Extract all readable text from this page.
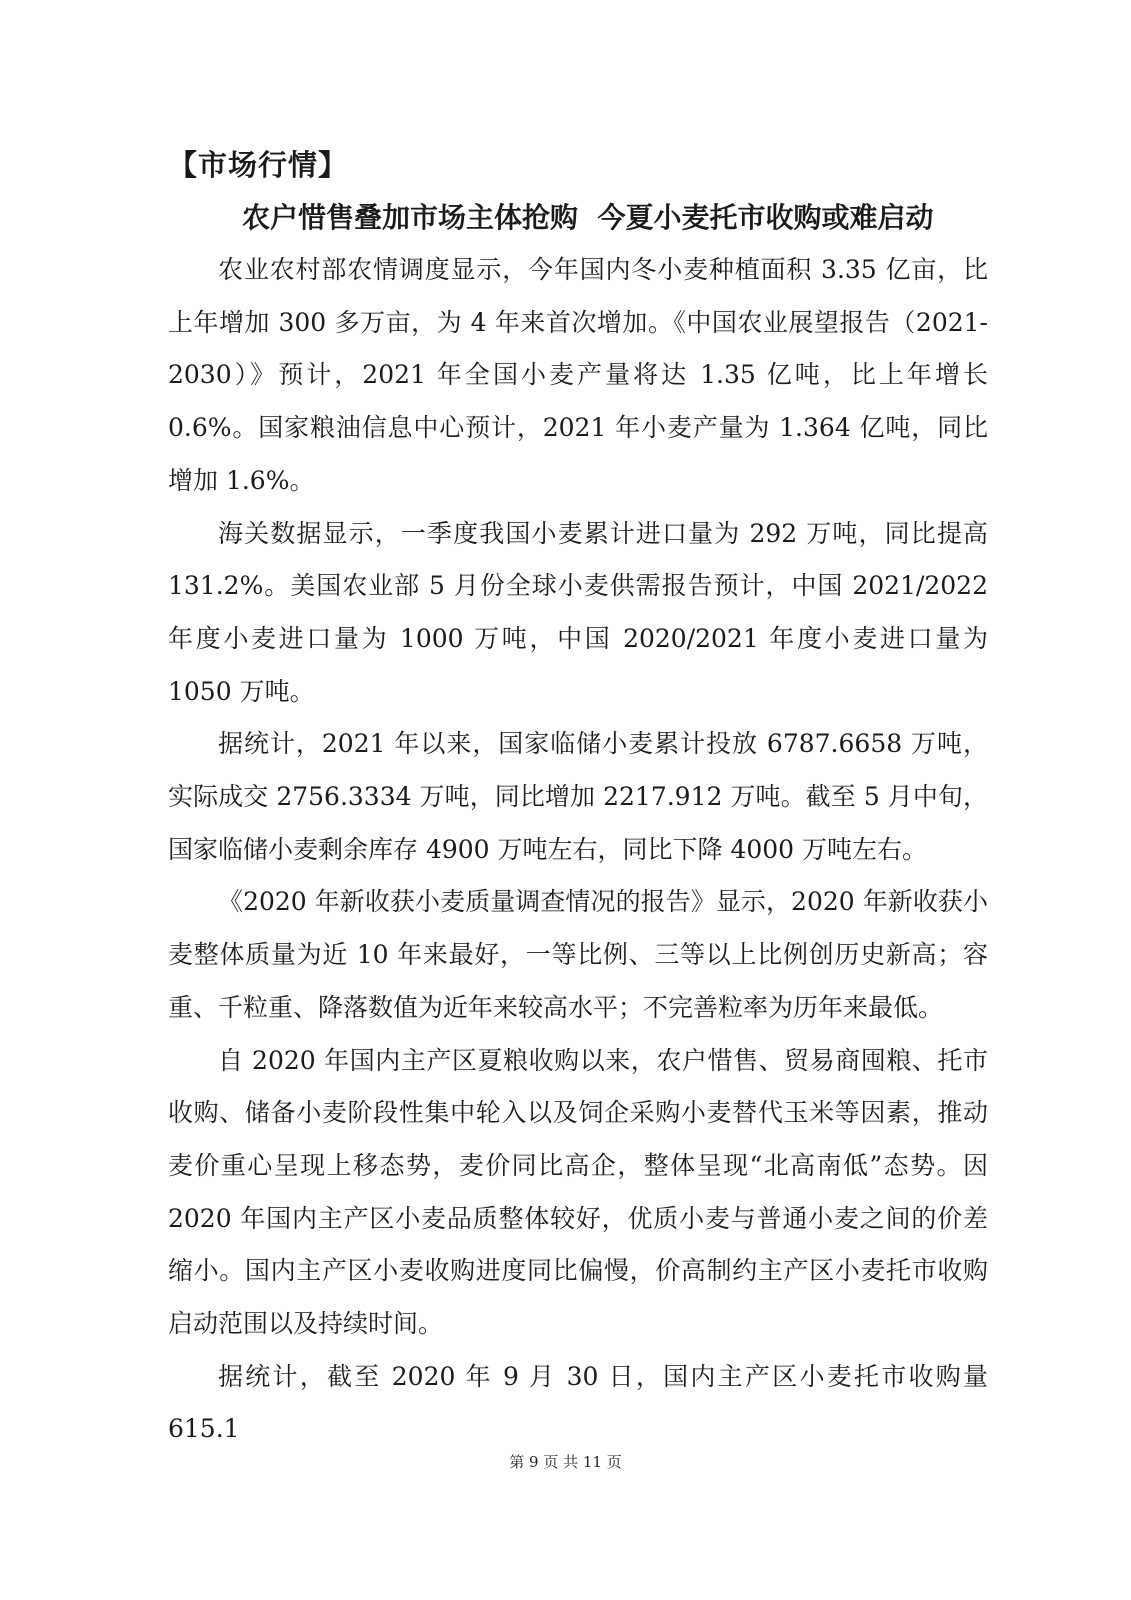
【市场行情】
农户惜售叠加市场主体抢购  今夏小麦托市收购或难启动

农业农村部农情调度显示，今年国内冬小麦种植面积 3.35 亿亩，比上年增加 300 多万亩，为 4 年来首次增加。《中国农业展望报告（2021-2030）》预计，2021 年全国小麦产量将达 1.35 亿吨，比上年增长 0.6%。国家粮油信息中心预计，2021 年小麦产量为 1.364 亿吨，同比增加 1.6%。

海关数据显示，一季度我国小麦累计进口量为 292 万吨，同比提高 131.2%。美国农业部 5 月份全球小麦供需报告预计，中国 2021/2022 年度小麦进口量为 1000 万吨，中国 2020/2021 年度小麦进口量为 1050 万吨。

据统计，2021 年以来，国家临储小麦累计投放 6787.6658 万吨，实际成交 2756.3334 万吨，同比增加 2217.912 万吨。截至 5 月中旬，国家临储小麦剩余库存 4900 万吨左右，同比下降 4000 万吨左右。

《2020 年新收获小麦质量调查情况的报告》显示，2020 年新收获小麦整体质量为近 10 年来最好，一等比例、三等以上比例创历史新高；容重、千粒重、降落数值为近年来较高水平；不完善粒率为历年来最低。

自 2020 年国内主产区夏粮收购以来，农户惜售、贸易商囤粮、托市收购、储备小麦阶段性集中轮入以及饲企采购小麦替代玉米等因素，推动麦价重心呈现上移态势，麦价同比高企，整体呈现“北高南低”态势。因 2020 年国内主产区小麦品质整体较好，优质小麦与普通小麦之间的价差缩小。国内主产区小麦收购进度同比偏慢，价高制约主产区小麦托市收购启动范围以及持续时间。

据统计，截至 2020 年 9 月 30 日，国内主产区小麦托市收购量 615.1

第 9 页 共 11 页
